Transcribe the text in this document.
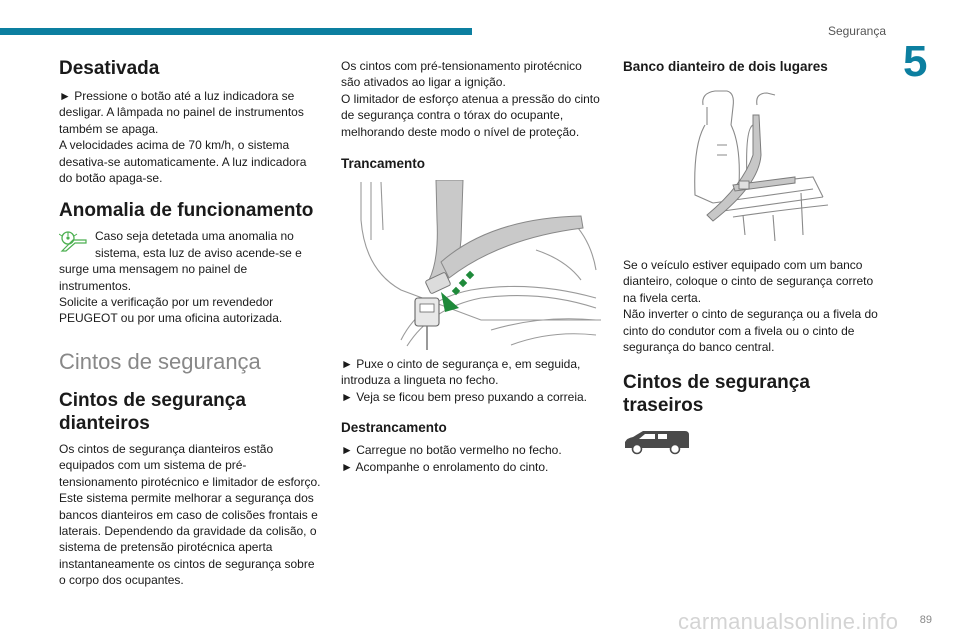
Segurança
5
Desativada

► Pressione o botão até a luz indicadora se desligar. A lâmpada no painel de instrumentos também se apaga.

A velocidades acima de 70 km/h, o sistema desativa-se automaticamente. A luz indicadora do botão apaga-se.

Anomalia de funcionamento

Caso seja detetada uma anomalia no sistema, esta luz de aviso acende-se e

surge uma mensagem no painel de instrumentos.

Solicite a verificação por um revendedor PEUGEOT ou por uma oficina autorizada.

Cintos de segurança
Cintos de segurança dianteiros

Os cintos de segurança dianteiros estão equipados com um sistema de pré-tensionamento pirotécnico e limitador de esforço.

Este sistema permite melhorar a segurança dos bancos dianteiros em caso de colisões frontais e laterais. Dependendo da gravidade da colisão, o sistema de pretensão pirotécnica aperta instantaneamente os cintos de segurança sobre o corpo dos ocupantes.

Os cintos com pré-tensionamento pirotécnico são ativados ao ligar a ignição.

O limitador de esforço atenua a pressão do cinto de segurança contra o tórax do ocupante, melhorando deste modo o nível de proteção.

Trancamento

► Puxe o cinto de segurança e, em seguida, introduza a lingueta no fecho.

► Veja se ficou bem preso puxando a correia.

Destrancamento

► Carregue no botão vermelho no fecho.

► Acompanhe o enrolamento do cinto.

Banco dianteiro de dois lugares

Se o veículo estiver equipado com um banco dianteiro, coloque o cinto de segurança correto na fivela certa.

Não inverter o cinto de segurança ou a fivela do cinto do condutor com a fivela ou o cinto de segurança do banco central.

Cintos de segurança traseiros
carmanualsonline.info 89
